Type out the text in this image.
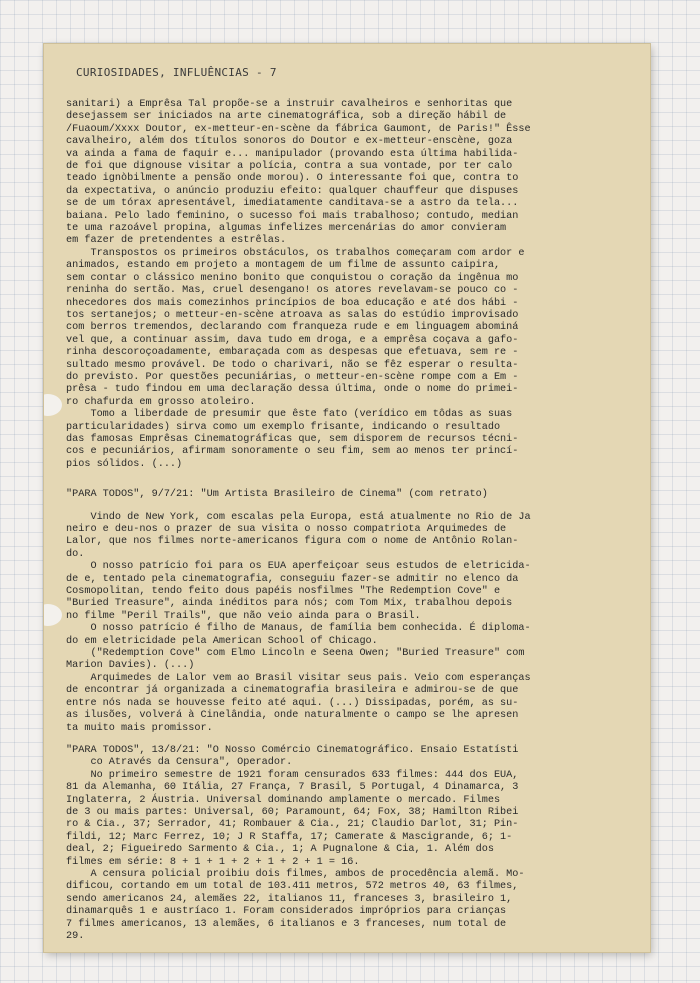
CURIOSIDADES, INFLUÊNCIAS - 7

sanitari) a Emprêsa Tal propõe-se a instruir cavalheiros e senhoritas que
desejassem ser iniciados na arte cinematográfica, sob a direção hábil de
/Fuaoum/Xxxx Doutor, ex-metteur-en-scène da fábrica Gaumont, de Paris!" Êsse
cavalheiro, além dos títulos sonoros do Doutor e ex-metteur-enscène, goza
va ainda a fama de faquir e... manipulador (provando esta última habilida-
de foi que dignouse visitar a polícia, contra a sua vontade, por ter calo
teado ignòbilmente a pensão onde morou). O interessante foi que, contra to
da expectativa, o anúncio produziu efeito: qualquer chauffeur que dispuses
se de um tórax apresentável, imediatamente canditava-se a astro da tela...
baiana. Pelo lado feminino, o sucesso foi mais trabalhoso; contudo, median
te uma razoável propina, algumas infelizes mercenárias do amor convieram
em fazer de pretendentes a estrêlas.

Transpostos os primeiros obstáculos, os trabalhos começaram com ardor e
animados, estando em projeto a montagem de um filme de assunto caipira,
sem contar o clássico menino bonito que conquistou o coração da ingênua mo
reninha do sertão. Mas, cruel desengano! os atores revelavam-se pouco co -
nhecedores dos mais comezinhos princípios de boa educação e até dos hábi -
tos sertanejos; o metteur-en-scène atroava as salas do estúdio improvisado
com berros tremendos, declarando com franqueza rude e em linguagem abominá
vel que, a continuar assim, dava tudo em droga, e a emprêsa coçava a gafo-
rinha descoroçoadamente, embaraçada com as despesas que efetuava, sem re -
sultado mesmo provável. De todo o charivari, não se fêz esperar o resulta-
do previsto. Por questões pecuniárias, o metteur-en-scène rompe com a Em -
prêsa - tudo findou em uma declaração dessa última, onde o nome do primei-
ro chafurda em grosso atoleiro.

Tomo a liberdade de presumir que êste fato (verídico em tôdas as suas
particularidades) sirva como um exemplo frisante, indicando o resultado
das famosas Emprêsas Cinematográficas que, sem disporem de recursos técni-
cos e pecuniários, afirmam sonoramente o seu fim, sem ao menos ter princí-
pios sólidos. (...)

"PARA TODOS", 9/7/21: "Um Artista Brasileiro de Cinema" (com retrato)

Vindo de New York, com escalas pela Europa, está atualmente no Rio de Ja
neiro e deu-nos o prazer de sua visita o nosso compatriota Arquimedes de
Lalor, que nos filmes norte-americanos figura com o nome de Antônio Rolan-
do.

O nosso patrício foi para os EUA aperfeiçoar seus estudos de eletricida-
de e, tentado pela cinematografia, conseguiu fazer-se admitir no elenco da
Cosmopolitan, tendo feito dous papéis nosfilmes "The Redemption Cove" e
"Buried Treasure", ainda inéditos para nós; com Tom Mix, trabalhou depois
no filme "Peril Trails", que não veio ainda para o Brasil.

O nosso patrício é filho de Manaus, de família bem conhecida. É diploma-
do em eletricidade pela American School of Chicago.
("Redemption Cove" com Elmo Lincoln e Seena Owen; "Buried Treasure" com
Marion Davies). (...)

Arquimedes de Lalor vem ao Brasil visitar seus pais. Veio com esperanças
de encontrar já organizada a cinematografia brasileira e admirou-se de que
entre nós nada se houvesse feito até aqui. (...) Dissipadas, porém, as su-
as ilusões, volverá à Cinelândia, onde naturalmente o campo se lhe apresen
ta muito mais promissor.

"PARA TODOS", 13/8/21: "O Nosso Comércio Cinematográfico. Ensaio Estatísti
co Através da Censura", Operador.

No primeiro semestre de 1921 foram censurados 633 filmes: 444 dos EUA,
81 da Alemanha, 60 Itália, 27 França, 7 Brasil, 5 Portugal, 4 Dinamarca, 3
Inglaterra, 2 Áustria. Universal dominando amplamente o mercado. Filmes
de 3 ou mais partes: Universal, 60; Paramount, 64; Fox, 38; Hamilton Ribei
ro & Cia., 37; Serrador, 41; Rombauer & Cia., 21; Claudio Darlot, 31; Pin-
fildi, 12; Marc Ferrez, 10; J R Staffa, 17; Camerate & Mascigrande, 6; 1-
deal, 2; Figueiredo Sarmento & Cia., 1; A Pugnalone & Cia, 1. Além dos
filmes em série: 8 + 1 + 1 + 2 + 1 + 2 + 1 = 16.

A censura policial proibiu dois filmes, ambos de procedência alemã. Mo-
dificou, cortando em um total de 103.411 metros, 572 metros 40, 63 filmes,
sendo americanos 24, alemães 22, italianos 11, franceses 3, brasileiro 1,
dinamarquês 1 e austríaco 1. Foram considerados impróprios para crianças
7 filmes americanos, 13 alemães, 6 italianos e 3 franceses, num total de
29.
